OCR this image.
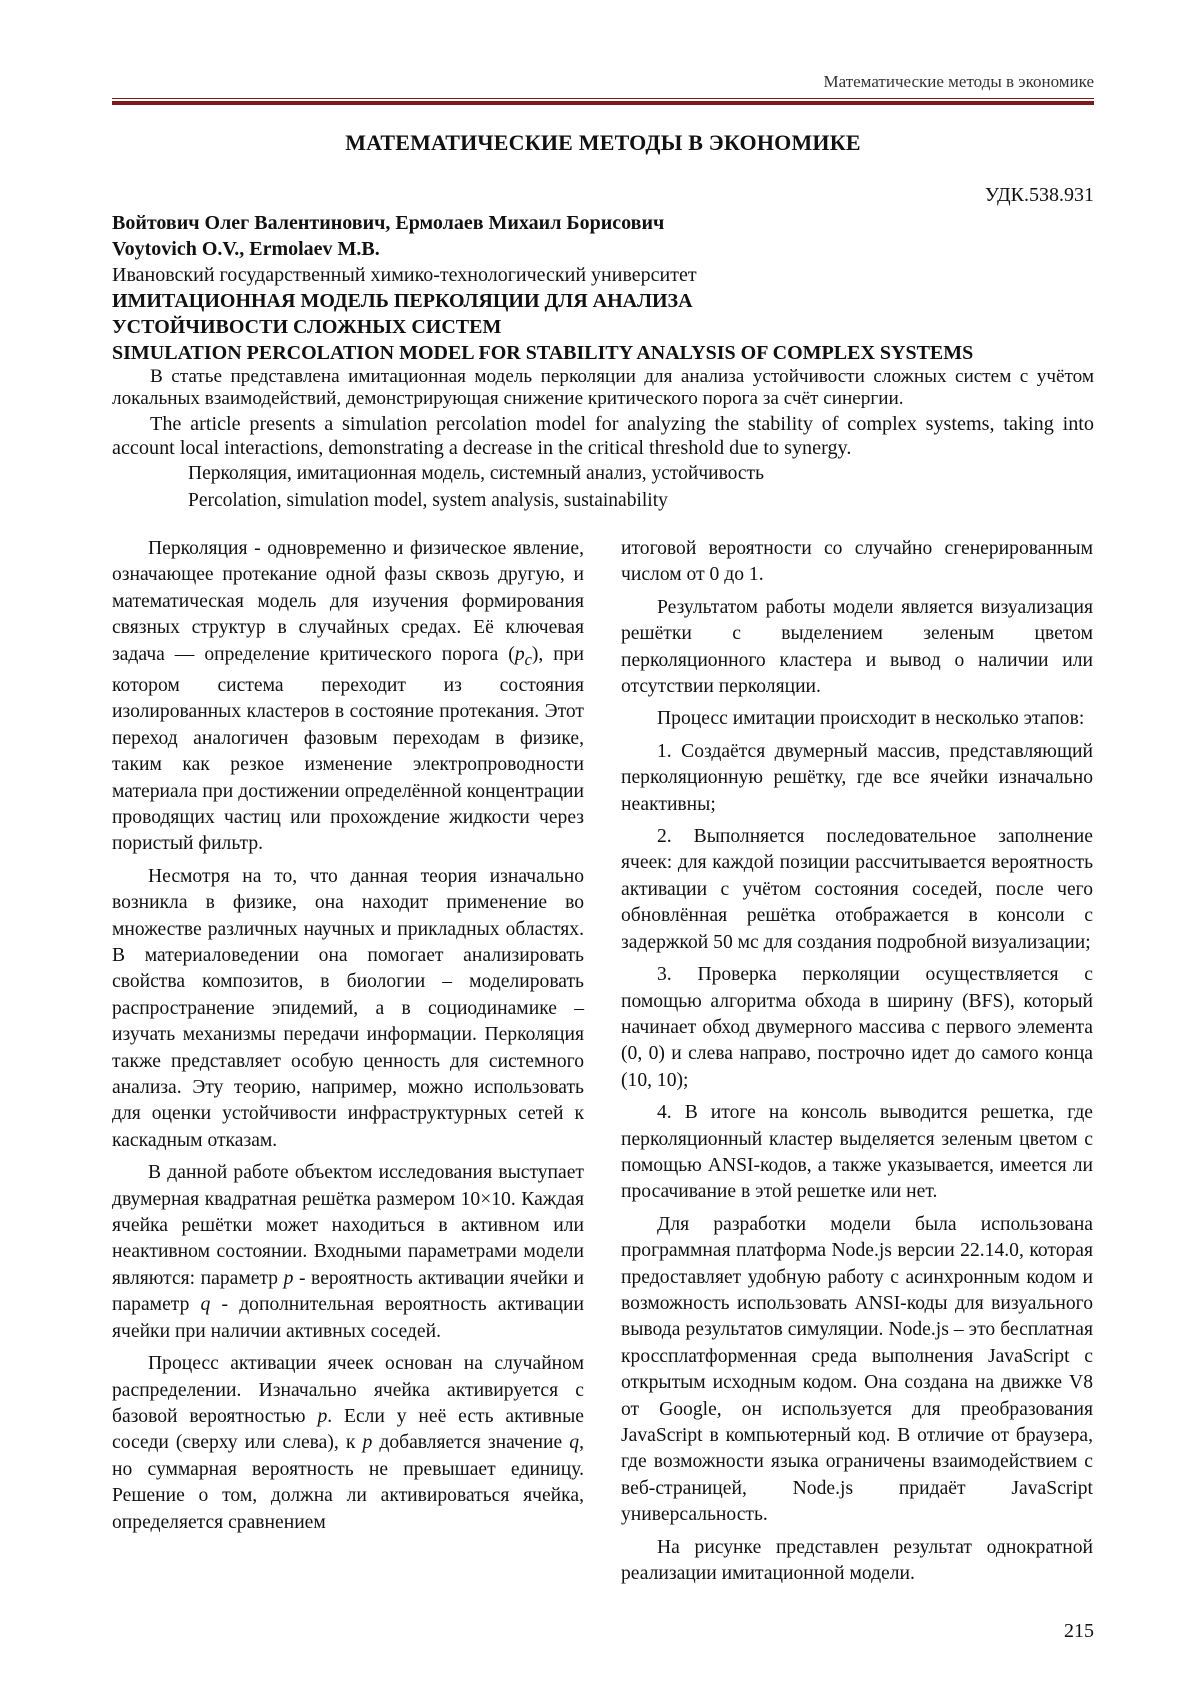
Математические методы в экономике
МАТЕМАТИЧЕСКИЕ МЕТОДЫ В ЭКОНОМИКЕ
УДК.538.931
Войтович Олег Валентинович, Ермолаев Михаил Борисович
Voytovich O.V., Ermolaev M.B.
Ивановский государственный химико-технологический университет
ИМИТАЦИОННАЯ МОДЕЛЬ ПЕРКОЛЯЦИИ ДЛЯ АНАЛИЗА
УСТОЙЧИВОСТИ СЛОЖНЫХ СИСТЕМ
SIMULATION PERCOLATION MODEL FOR STABILITY ANALYSIS OF COMPLEX SYSTEMS

В статье представлена имитационная модель перколяции для анализа устойчивости сложных систем с учётом локальных взаимодействий, демонстрирующая снижение критического порога за счёт синергии.

The article presents a simulation percolation model for analyzing the stability of complex systems, taking into account local interactions, demonstrating a decrease in the critical threshold due to synergy.

Перколяция, имитационная модель, системный анализ, устойчивость

Percolation, simulation model, system analysis, sustainability

Перколяция - одновременно и физическое явление, означающее протекание одной фазы сквозь другую, и математическая модель для изучения формирования связных структур в случайных средах. Её ключевая задача — определение критического порога $(p_c)$, при котором система переходит из состояния изолированных кластеров в состояние протекания. Этот переход аналогичен фазовым переходам в физике, таким как резкое изменение электропроводности материала при достижении определённой концентрации проводящих частиц или прохождение жидкости через пористый фильтр.

Несмотря на то, что данная теория изначально возникла в физике, она находит применение во множестве различных научных и прикладных областях. В материаловедении она помогает анализировать свойства композитов, в биологии – моделировать распространение эпидемий, а в социодинамике – изучать механизмы передачи информации. Перколяция также представляет особую ценность для системного анализа. Эту теорию, например, можно использовать для оценки устойчивости инфраструктурных сетей к каскадным отказам.

В данной работе объектом исследования выступает двумерная квадратная решётка размером 10×10. Каждая ячейка решётки может находиться в активном или неактивном состоянии. Входными параметрами модели являются: параметр p - вероятность активации ячейки и параметр q - дополнительная вероятность активации ячейки при наличии активных соседей.

Процесс активации ячеек основан на случайном распределении. Изначально ячейка активируется с базовой вероятностью p. Если у неё есть активные соседи (сверху или слева), к p добавляется значение q, но суммарная вероятность не превышает единицу. Решение о том, должна ли активироваться ячейка, определяется сравнением

итоговой вероятности со случайно сгенерированным числом от 0 до 1.

Результатом работы модели является визуализация решётки с выделением зеленым цветом перколяционного кластера и вывод о наличии или отсутствии перколяции.

Процесс имитации происходит в несколько этапов:

1. Создаётся двумерный массив, представляющий перколяционную решётку, где все ячейки изначально неактивны;

2. Выполняется последовательное заполнение ячеек: для каждой позиции рассчитывается вероятность активации с учётом состояния соседей, после чего обновлённая решётка отображается в консоли с задержкой 50 мс для создания подробной визуализации;

3. Проверка перколяции осуществляется с помощью алгоритма обхода в ширину (BFS), который начинает обход двумерного массива с первого элемента (0, 0) и слева направо, построчно идет до самого конца (10, 10);

4. В итоге на консоль выводится решетка, где перколяционный кластер выделяется зеленым цветом с помощью ANSI-кодов, а также указывается, имеется ли просачивание в этой решетке или нет.

Для разработки модели была использована программная платформа Node.js версии 22.14.0, которая предоставляет удобную работу с асинхронным кодом и возможность использовать ANSI-коды для визуального вывода результатов симуляции. Node.js – это бесплатная кроссплатформенная среда выполнения JavaScript с открытым исходным кодом. Она создана на движке V8 от Google, он используется для преобразования JavaScript в компьютерный код. В отличие от браузера, где возможности языка ограничены взаимодействием с веб-страницей, Node.js придаёт JavaScript универсальность.

На рисунке представлен результат однократной реализации имитационной модели.

215
